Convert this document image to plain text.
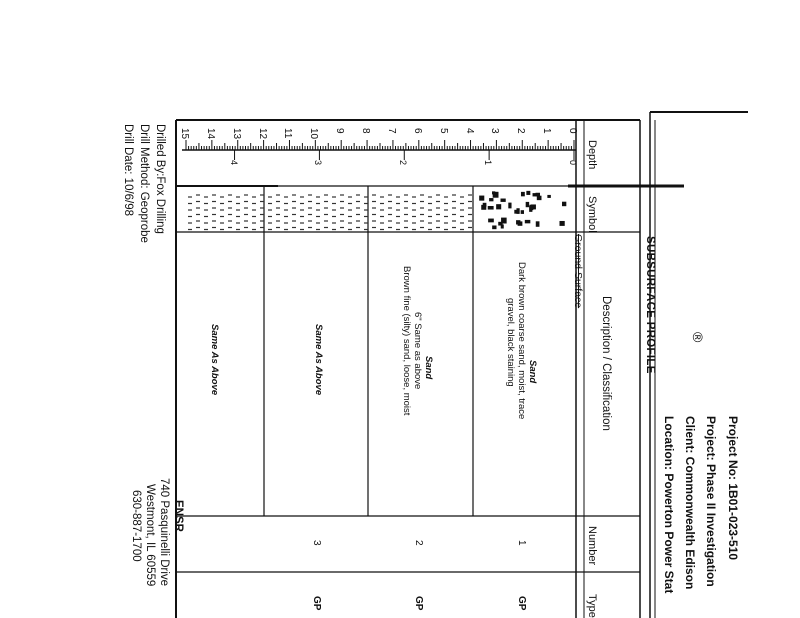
®
Project No: 1B01-023-510
Project: Phase II Investigation
Client: Commonwealth Edison
Location: Powerton Power Stat
SUBSURFACE PROFILE
Depth
Symbol
Description / Classification
Number
Type
Ground Surface
Sand
Dark brown coarse sand, moist, trace
gravel, black staining
Sand
6" Same as above
Brown fine (silty) sand, loose, moist
Same As Above
Same As Above
1
2
3
GP
GP
GP
Drilled By:Fox Drilling
Drill Method: Geoprobe
Drill Date: 10/6/98
ENSR
740 Pasquinelli Drive
Westmont, IL 60559
630-887-1700
0
1
2
3
4
5
6
7
8
9
10
11
12
13
14
15
0
1
2
3
4
